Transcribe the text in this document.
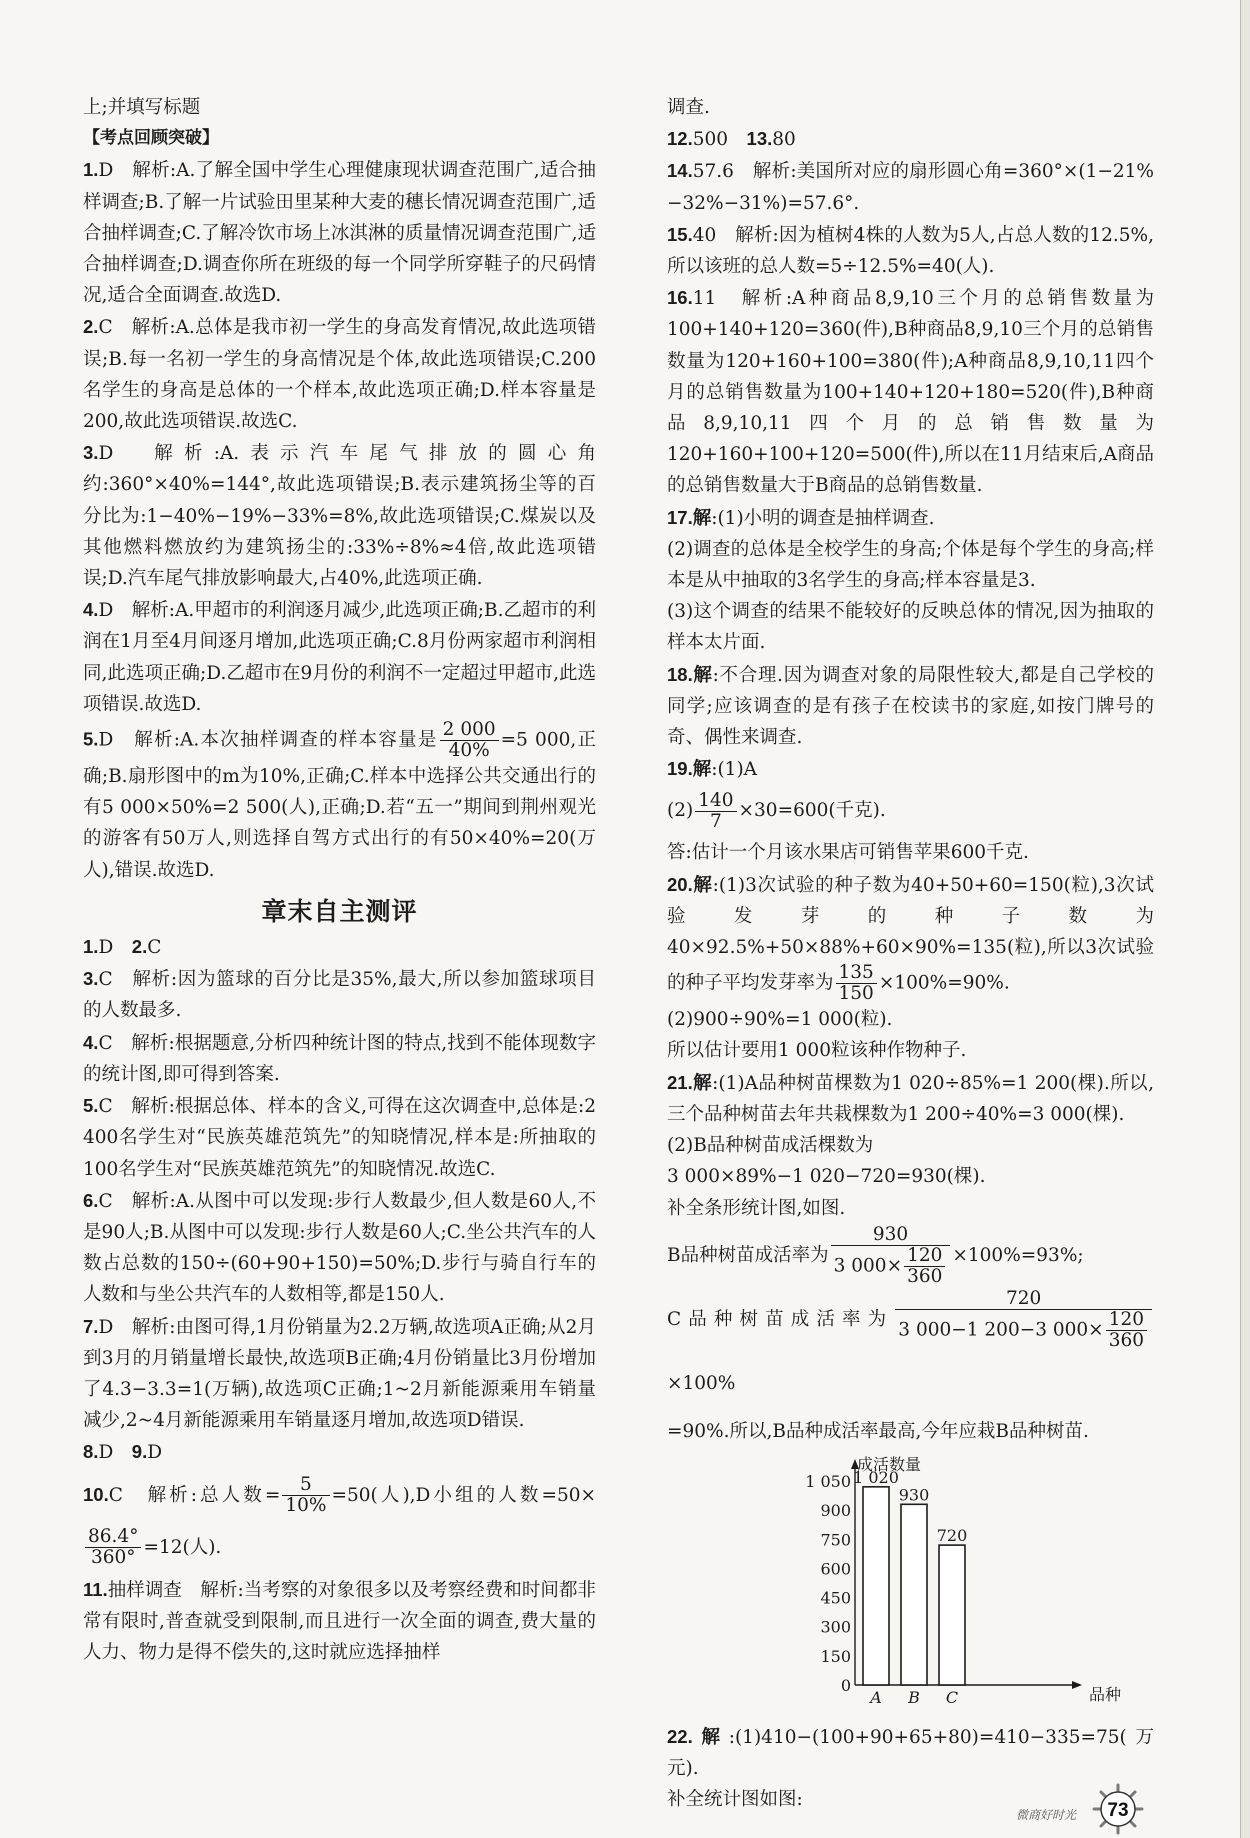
上;并填写标题

【考点回顾突破】

1.D　解析:A.了解全国中学生心理健康现状调查范围广,适合抽样调查;B.了解一片试验田里某种大麦的穗长情况调查范围广,适合抽样调查;C.了解冷饮市场上冰淇淋的质量情况调查范围广,适合抽样调查;D.调查你所在班级的每一个同学所穿鞋子的尺码情况,适合全面调查.故选D.

2.C　解析:A.总体是我市初一学生的身高发育情况,故此选项错误;B.每一名初一学生的身高情况是个体,故此选项错误;C.200名学生的身高是总体的一个样本,故此选项正确;D.样本容量是200,故此选项错误.故选C.

3.D　解析:A.表示汽车尾气排放的圆心角约:360°×40%=144°,故此选项错误;B.表示建筑扬尘等的百分比为:1−40%−19%−33%=8%,故此选项错误;C.煤炭以及其他燃料燃放约为建筑扬尘的:33%÷8%≈4倍,故此选项错误;D.汽车尾气排放影响最大,占40%,此选项正确.

4.D　解析:A.甲超市的利润逐月减少,此选项正确;B.乙超市的利润在1月至4月间逐月增加,此选项正确;C.8月份两家超市利润相同,此选项正确;D.乙超市在9月份的利润不一定超过甲超市,此选项错误.故选D.

5.D　解析:A.本次抽样调查的样本容量是 $\frac{2 000}{40\%} =5$ 000,正确;B.扇形图中的m为10%,正确;C.样本中选择公共交通出行的有5 000×50%=2 500(人),正确;D.若“五一”期间到荆州观光的游客有50万人,则选择自驾方式出行的有50×40%=20(万人),错误.故选D.

章末自主测评

1.D　2.C

3.C　解析:因为篮球的百分比是35%,最大,所以参加篮球项目的人数最多.

4.C　解析:根据题意,分析四种统计图的特点,找到不能体现数字的统计图,即可得到答案.

5.C　解析:根据总体、样本的含义,可得在这次调查中,总体是:2 400名学生对“民族英雄范筑先”的知晓情况,样本是:所抽取的100名学生对“民族英雄范筑先”的知晓情况.故选C.

6.C　解析:A.从图中可以发现:步行人数最少,但人数是60人,不是90人;B.从图中可以发现:步行人数是60人;C.坐公共汽车的人数占总数的150÷(60+90+150)=50%;D.步行与骑自行车的人数和与坐公共汽车的人数相等,都是150人.

7.D　解析:由图可得,1月份销量为2.2万辆,故选项A正确;从2月到3月的月销量增长最快,故选项B正确;4月份销量比3月份增加了4.3−3.3=1(万辆),故选项C正确;1~2月新能源乘用车销量减少,2~4月新能源乘用车销量逐月增加,故选项D错误.

8.D　9.D

10.C　解析:总人数= $\frac{5}{10\%} =50$(人),D小组的人数=50×
$\frac{86.4^\circ}{360^\circ} =12$(人).

11.抽样调查　解析:当考察的对象很多以及考察经费和时间都非常有限时,普查就受到限制,而且进行一次全面的调查,费大量的人力、物力是得不偿失的,这时就应选择抽样

调查.

12.500　13.80

14.57.6　解析:美国所对应的扇形圆心角=360°×(1−21%−32%−31%)=57.6°.

15.40　解析:因为植树4株的人数为5人,占总人数的12.5%,所以该班的总人数=5÷12.5%=40(人).

16.11　解析:A种商品8,9,10三个月的总销售数量为100+140+120=360(件),B种商品8,9,10三个月的总销售数量为120+160+100=380(件);A种商品8,9,10,11四个月的总销售数量为100+140+120+180=520(件),B种商品8,9,10,11四个月的总销售数量为120+160+100+120=500(件),所以在11月结束后,A商品的总销售数量大于B商品的总销售数量.

17.解:(1)小明的调查是抽样调查.

(2)调查的总体是全校学生的身高;个体是每个学生的身高;样本是从中抽取的3名学生的身高;样本容量是3.

(3)这个调查的结果不能较好的反映总体的情况,因为抽取的样本太片面.

18.解:不合理.因为调查对象的局限性较大,都是自己学校的同学;应该调查的是有孩子在校读书的家庭,如按门牌号的奇、偶性来调查.

19.解:(1)A

$(2) \frac{140}{7} \times 30=600$(千克).

答:估计一个月该水果店可销售苹果600千克.

20.解:(1)3次试验的种子数为40+50+60=150(粒),3次试验发芽的种子数为40×92.5%+50×88%+60×90%=135(粒),所以3次试验的种子平均发芽率为 $\frac{135}{150} \times 100\%=90\%$.

(2)900÷90%=1 000(粒).

所以估计要用1 000粒该种作物种子.

21.解:(1)A品种树苗棵数为1 020÷85%=1 200(棵).所以,三个品种树苗去年共栽棵数为1 200÷40%=3 000(棵).

(2)B品种树苗成活棵数为

3 000×89%−1 020−720=930(棵).

补全条形统计图,如图.

B品种树苗成活率为 $\frac{930}{3 000\times \frac{120}{360}} \times 100\%=93\%$;

C品种树苗成活率为 $\frac{720}{3 000-1 200-3 000\times \frac{120}{360}}$
×100%

=90%.所以,B品种成活率最高,今年应栽B品种树苗.

成活数量
品种
0
150
300
450
600
750
900
1 050 1 020
A
930
B
720
C

22.解:(1)410−(100+90+65+80)=410−335=75(万元).

补全统计图如图:

微商好时光 73
